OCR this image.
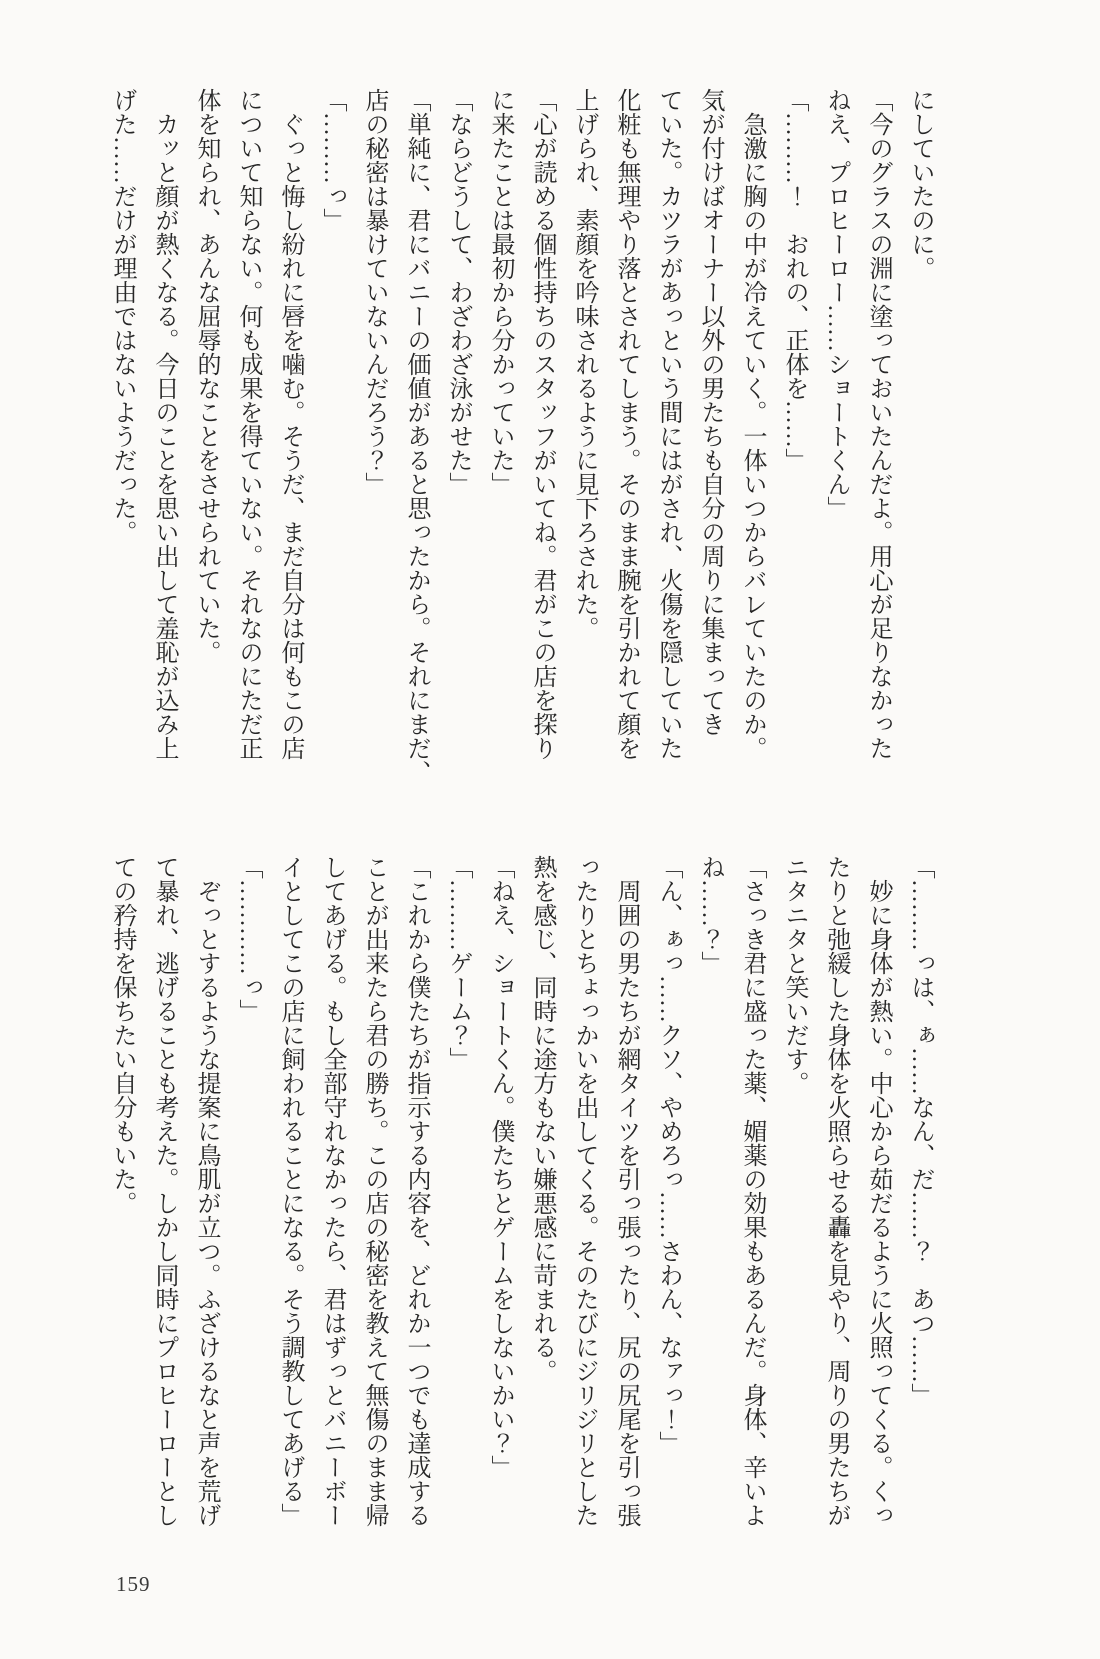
にしていたのに。
「今のグラスの淵に塗っておいたんだよ。用心が足りなかった
ねえ、プロヒーロー……ショートくん」
「………！　おれの、正体を……」
　急激に胸の中が冷えていく。一体いつからバレていたのか。
気が付けばオーナー以外の男たちも自分の周りに集まってき
ていた。カツラがあっという間にはがされ、火傷を隠していた
化粧も無理やり落とされてしまう。そのまま腕を引かれて顔を
上げられ、素顔を吟味されるように見下ろされた。
「心が読める個性持ちのスタッフがいてね。君がこの店を探り
に来たことは最初から分かっていた」
「ならどうして、わざわざ泳がせた」
「単純に、君にバニーの価値があると思ったから。それにまだ、
店の秘密は暴けていないんだろう？」
「………っ」
　ぐっと悔し紛れに唇を噛む。そうだ、まだ自分は何もこの店
について知らない。何も成果を得ていない。それなのにただ正
体を知られ、あんな屈辱的なことをさせられていた。
　カッと顔が熱くなる。今日のことを思い出して羞恥が込み上
げた……だけが理由ではないようだった。
「………っは、ぁ……なん、だ……？　あつ……」
　妙に身体が熱い。中心から茹だるように火照ってくる。くっ
たりと弛緩した身体を火照らせる轟を見やり、周りの男たちが
ニタニタと笑いだす。
「さっき君に盛った薬、媚薬の効果もあるんだ。身体、辛いよ
ね……？」
「ん、ぁっ……クソ、やめろっ……さわん、なァっ！」
　周囲の男たちが網タイツを引っ張ったり、尻の尻尾を引っ張
ったりとちょっかいを出してくる。そのたびにジリジリとした
熱を感じ、同時に途方もない嫌悪感に苛まれる。
「ねえ、ショートくん。僕たちとゲームをしないかい？」
「………ゲーム？」
「これから僕たちが指示する内容を、どれか一つでも達成する
ことが出来たら君の勝ち。この店の秘密を教えて無傷のまま帰
してあげる。もし全部守れなかったら、君はずっとバニーボー
イとしてこの店に飼われることになる。そう調教してあげる」
「…………っ」
　ぞっとするような提案に鳥肌が立つ。ふざけるなと声を荒げ
て暴れ、逃げることも考えた。しかし同時にプロヒーローとし
ての矜持を保ちたい自分もいた。
159
